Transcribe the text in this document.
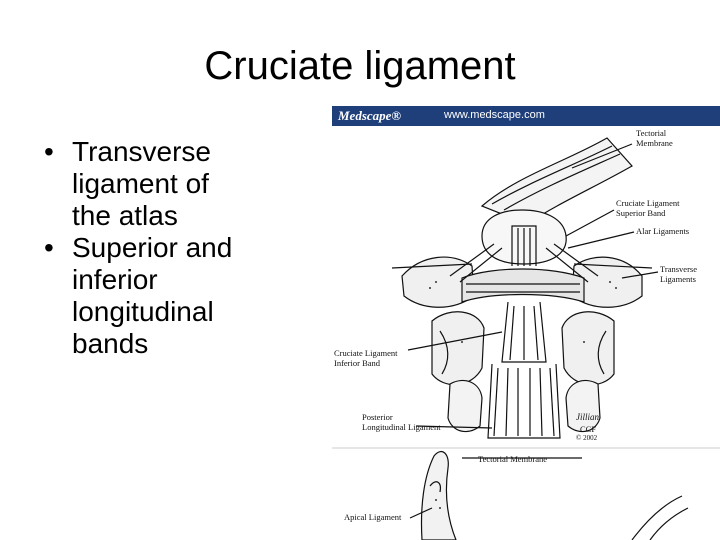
Cruciate ligament
• Transverse
ligament of
the atlas
• Superior and
inferior
longitudinal
bands
Medscape®	www.medscape.com
Tectorial
Membrane
Cruciate Ligament
Superior Band
Alar Ligaments
Transverse
Ligaments
Cruciate Ligament
Inferior Band
Posterior
Longitudinal Ligament
Tectorial Membrane
Apical Ligament
Jillian
CCF
© 2002
